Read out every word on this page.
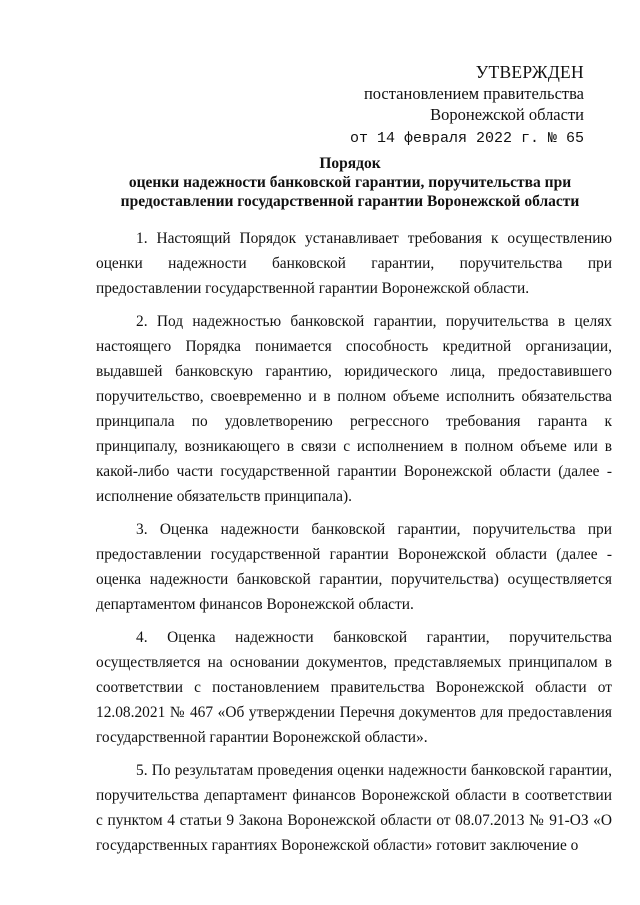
УТВЕРЖДЕН
постановлением правительства
Воронежской области
от 14 февраля 2022 г. № 65
Порядок
оценки надежности банковской гарантии, поручительства при
предоставлении государственной гарантии Воронежской области

1. Настоящий Порядок устанавливает требования к осуществлению оценки надежности банковской гарантии, поручительства при предоставлении государственной гарантии Воронежской области.

2. Под надежностью банковской гарантии, поручительства в целях настоящего Порядка понимается способность кредитной организации, выдавшей банковскую гарантию, юридического лица, предоставившего поручительство, своевременно и в полном объеме исполнить обязательства принципала по удовлетворению регрессного требования гаранта к принципалу, возникающего в связи с исполнением в полном объеме или в какой-либо части государственной гарантии Воронежской области (далее - исполнение обязательств принципала).

3. Оценка надежности банковской гарантии, поручительства при предоставлении государственной гарантии Воронежской области (далее - оценка надежности банковской гарантии, поручительства) осуществляется департаментом финансов Воронежской области.

4. Оценка надежности банковской гарантии, поручительства осуществляется на основании документов, представляемых принципалом в соответствии с постановлением правительства Воронежской области от 12.08.2021 № 467 «Об утверждении Перечня документов для предоставления государственной гарантии Воронежской области».

5. По результатам проведения оценки надежности банковской гарантии, поручительства департамент финансов Воронежской области в соответствии с пунктом 4 статьи 9 Закона Воронежской области от 08.07.2013 № 91-ОЗ «О государственных гарантиях Воронежской области» готовит заключение о
